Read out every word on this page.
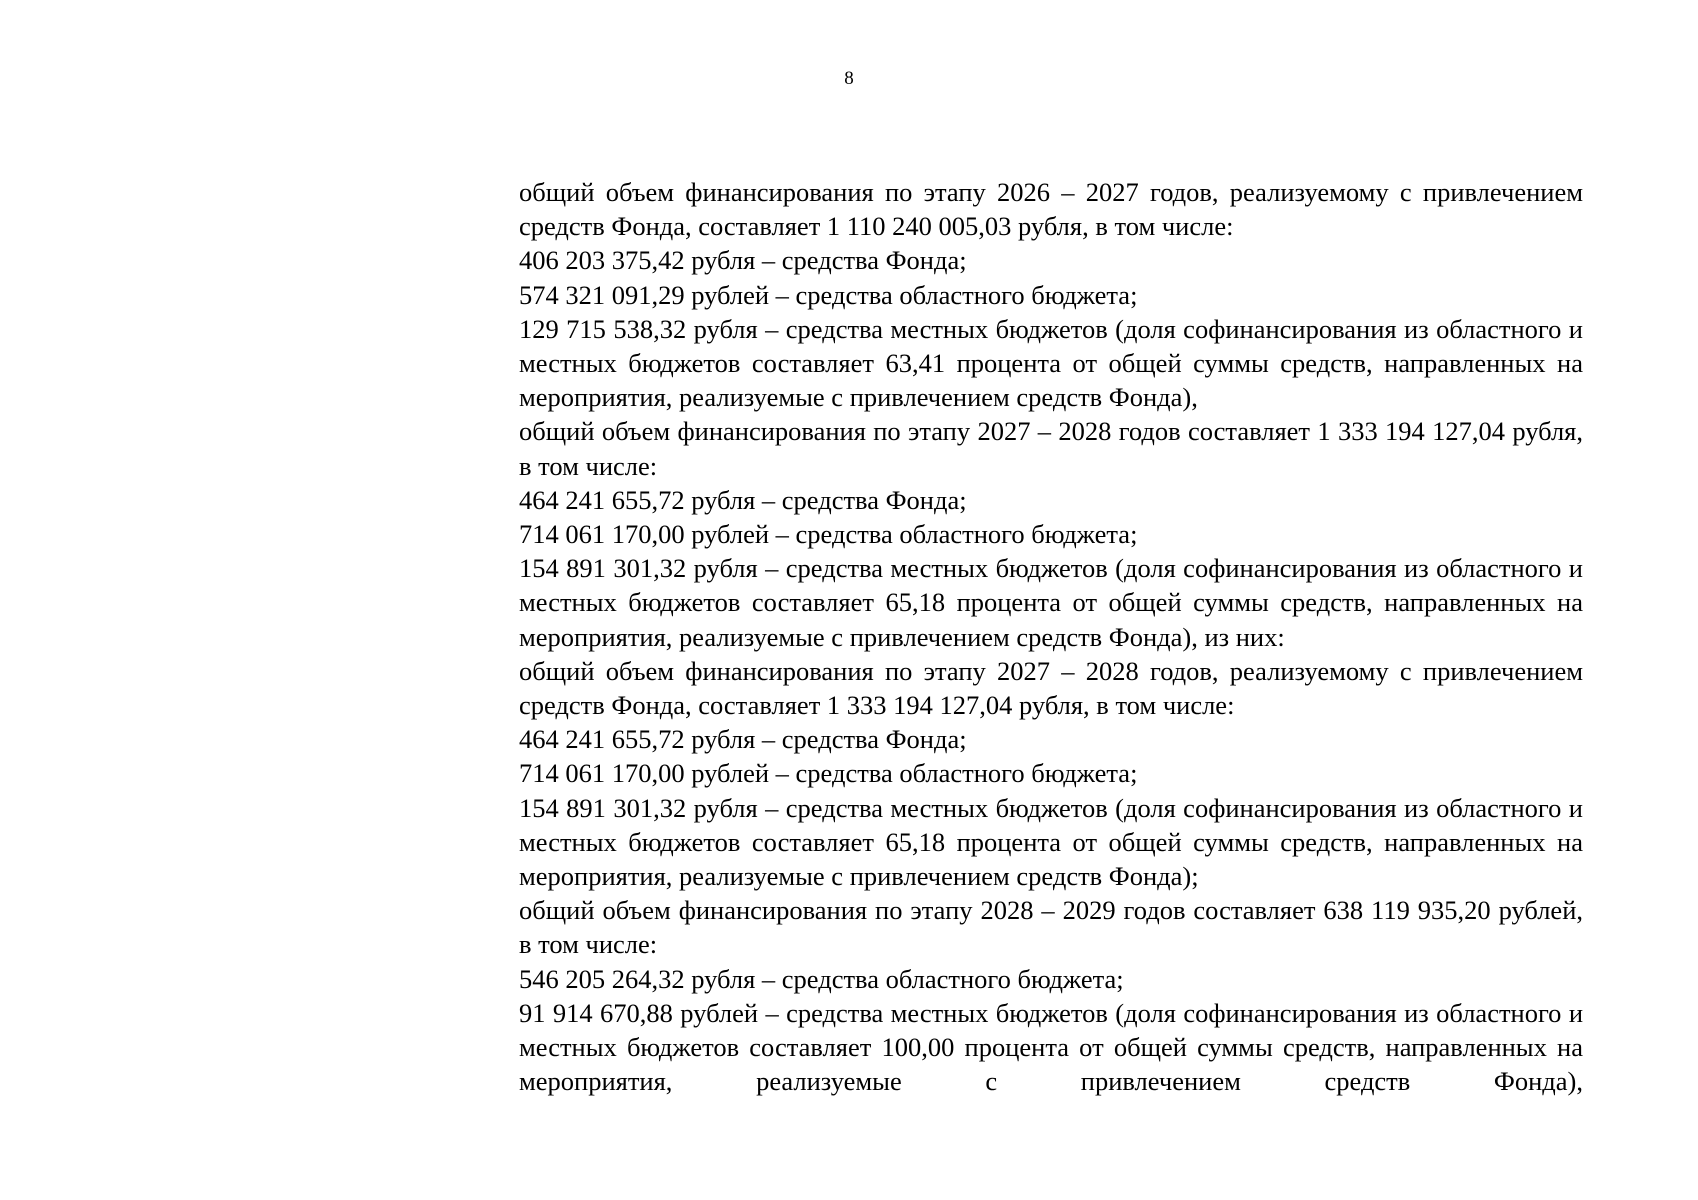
8

общий объем финансирования по этапу 2026 – 2027 годов, реализуемому с привлечением средств Фонда, составляет 1 110 240 005,03 рубля, в том числе:

406 203 375,42 рубля – средства Фонда;

574 321 091,29 рублей – средства областного бюджета;

129 715 538,32 рубля – средства местных бюджетов (доля софинансирования из областного и местных бюджетов составляет 63,41 процента от общей суммы средств, направленных на мероприятия, реализуемые с привлечением средств Фонда),

общий объем финансирования по этапу 2027 – 2028 годов составляет 1 333 194 127,04 рубля, в том числе:

464 241 655,72 рубля – средства Фонда;

714 061 170,00 рублей – средства областного бюджета;

154 891 301,32 рубля – средства местных бюджетов (доля софинансирования из областного и местных бюджетов составляет 65,18 процента от общей суммы средств, направленных на мероприятия, реализуемые с привлечением средств Фонда), из них:

общий объем финансирования по этапу 2027 – 2028 годов, реализуемому с привлечением средств Фонда, составляет 1 333 194 127,04 рубля, в том числе:

464 241 655,72 рубля – средства Фонда;

714 061 170,00 рублей – средства областного бюджета;

154 891 301,32 рубля – средства местных бюджетов (доля софинансирования из областного и местных бюджетов составляет 65,18 процента от общей суммы средств, направленных на мероприятия, реализуемые с привлечением средств Фонда);

общий объем финансирования по этапу 2028 – 2029 годов составляет 638 119 935,20 рублей, в том числе:

546 205 264,32 рубля – средства областного бюджета;

91 914 670,88 рублей – средства местных бюджетов (доля софинансирования из областного и местных бюджетов составляет 100,00 процента от общей суммы средств, направленных на мероприятия, реализуемые с привлечением средств Фонда),
